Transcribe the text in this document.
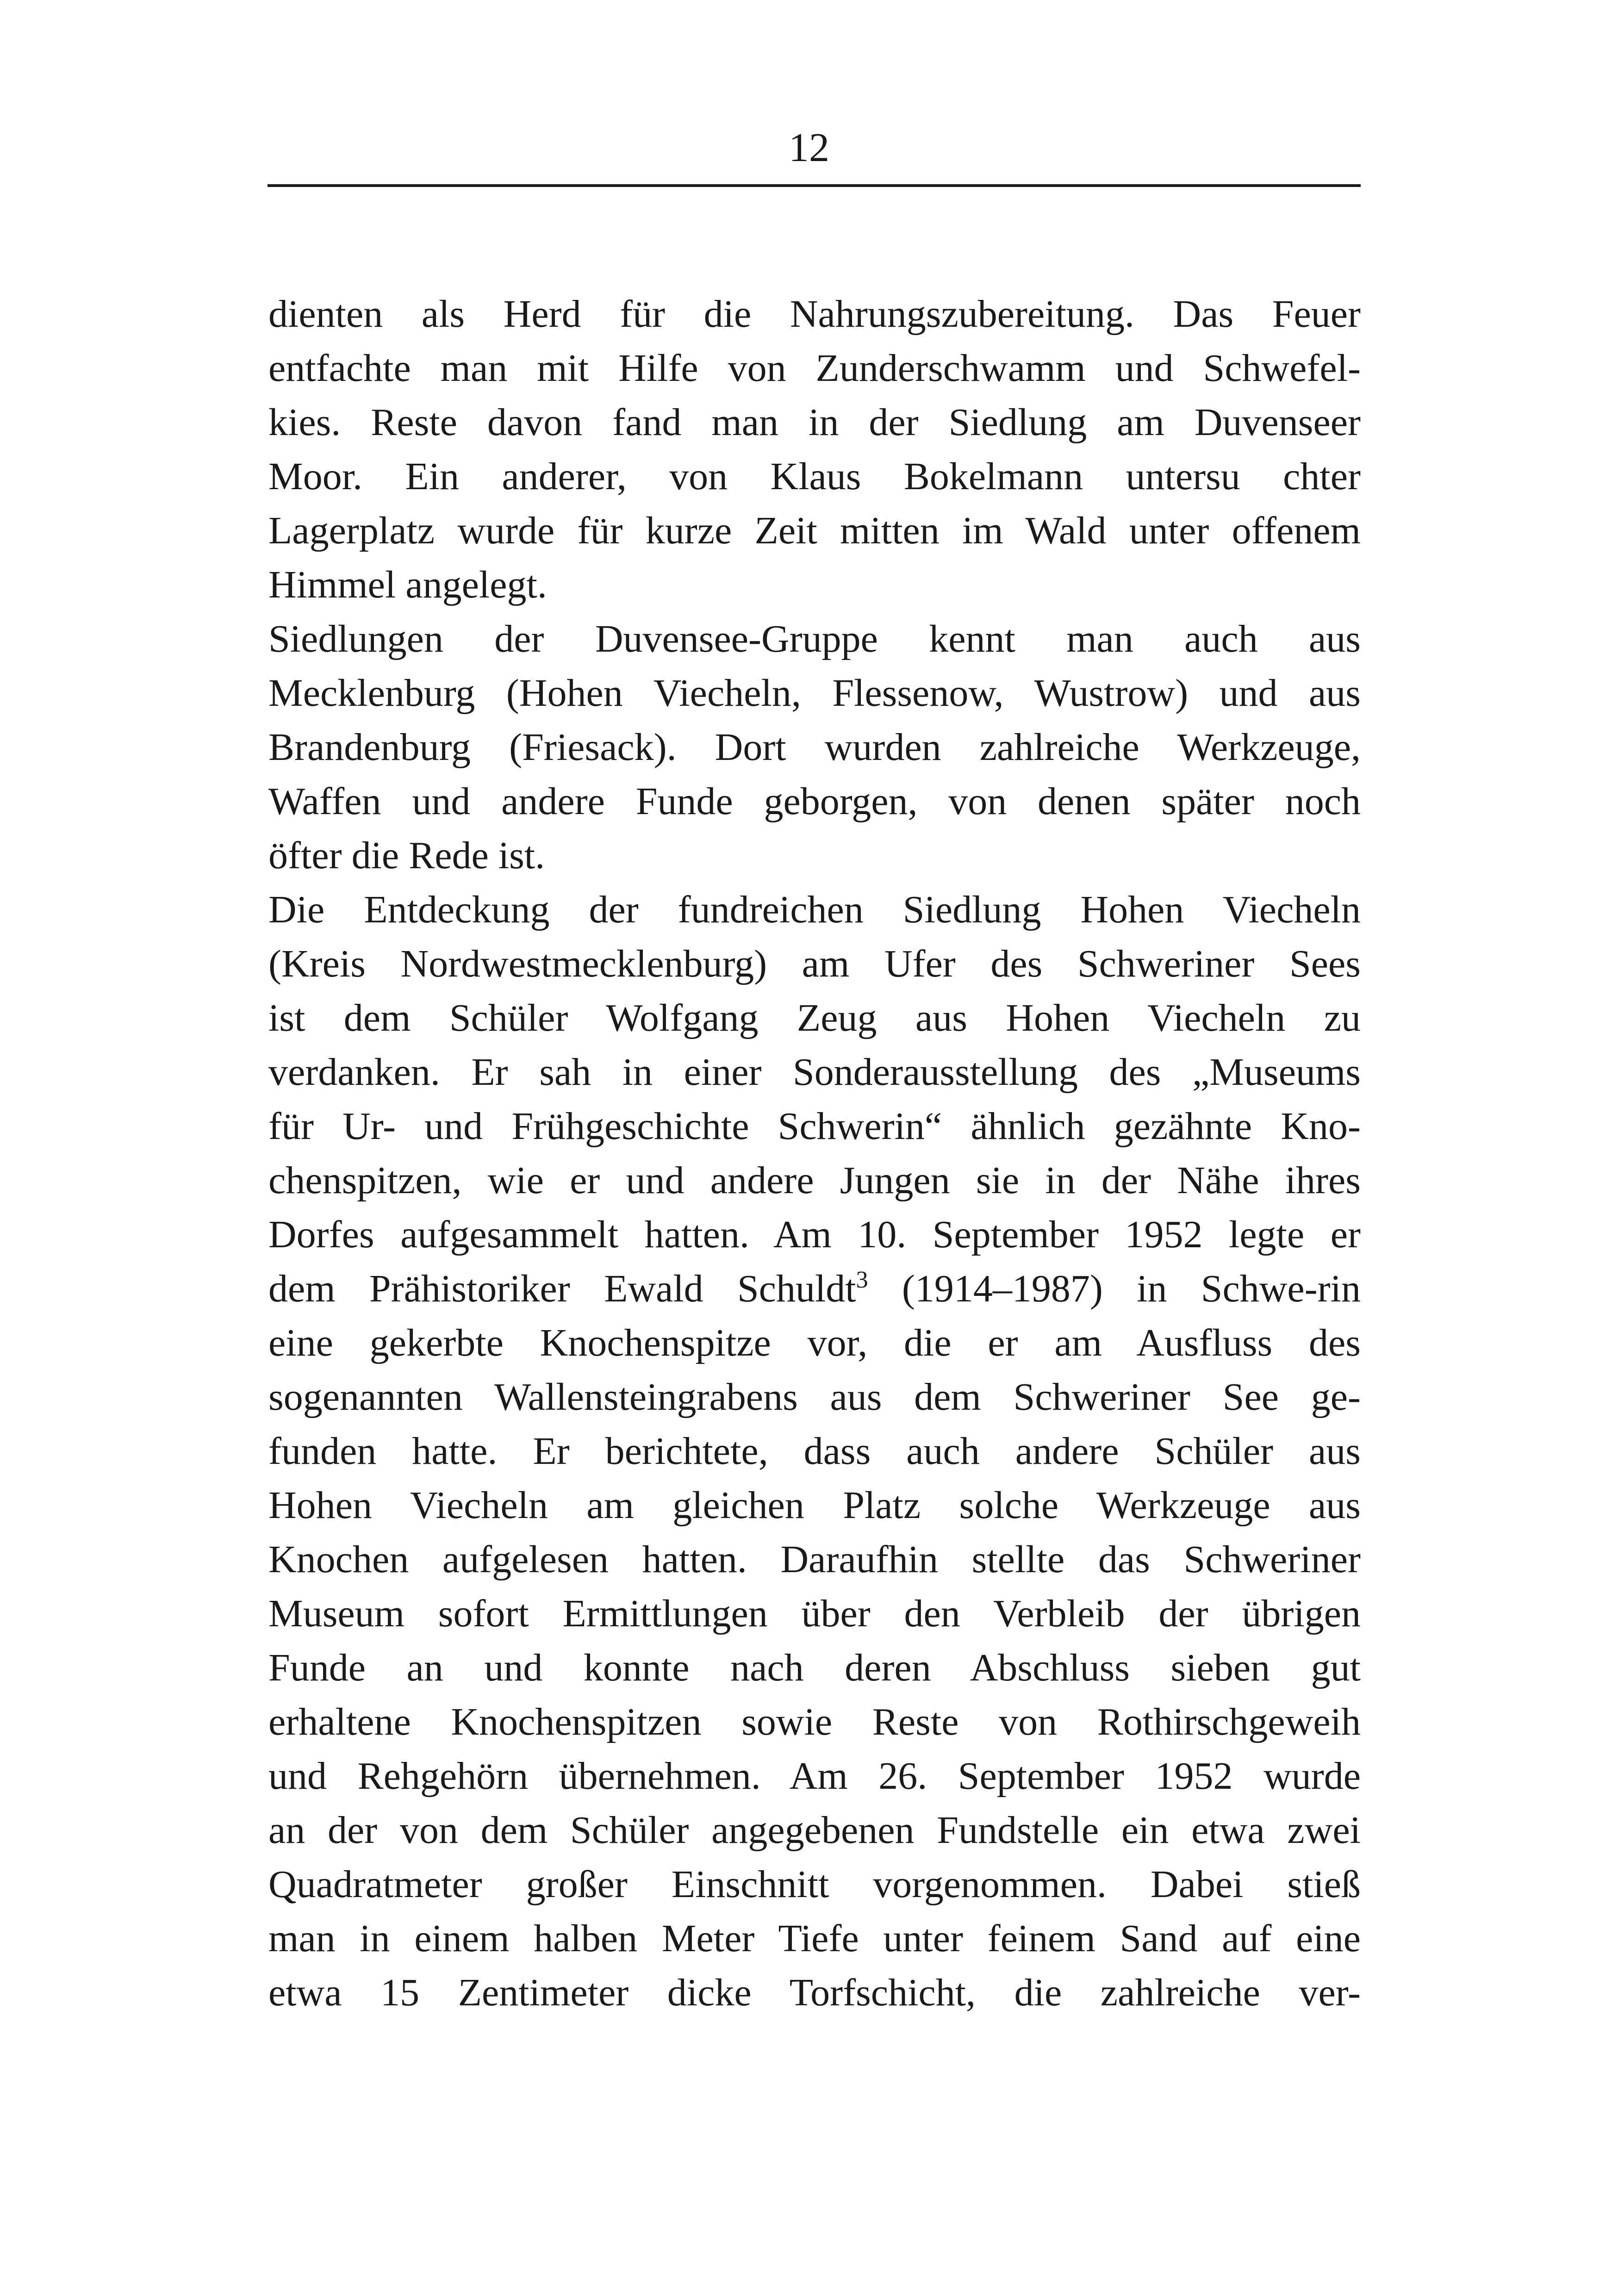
12
dienten als Herd für die Nahrungszubereitung. Das Feuer
entfachte man mit Hilfe von Zunderschwamm und Schwefel-
kies. Reste davon fand man in der Siedlung am Duvenseer
Moor. Ein anderer, von Klaus Bokelmann untersu chter
Lagerplatz wurde für kurze Zeit mitten im Wald unter offenem
Himmel angelegt.
Siedlungen der Duvensee-Gruppe kennt man auch aus
Mecklenburg (Hohen Viecheln, Flessenow, Wustrow) und aus
Brandenburg (Friesack). Dort wurden zahlreiche Werkzeuge,
Waffen und andere Funde geborgen, von denen später noch
öfter die Rede ist.
Die Entdeckung der fundreichen Siedlung Hohen Viecheln
(Kreis Nordwestmecklenburg) am Ufer des Schweriner Sees
ist dem Schüler Wolfgang Zeug aus Hohen Viecheln zu
verdanken. Er sah in einer Sonderausstellung des „Museums
für Ur- und Frühgeschichte Schwerin“ ähnlich gezähnte Kno-
chenspitzen, wie er und andere Jungen sie in der Nähe ihres
Dorfes aufgesammelt hatten. Am 10. September 1952 legte er
dem Prähistoriker Ewald Schuldt$^3$ (1914–1987) in Schwe-rin
eine gekerbte Knochenspitze vor, die er am Ausfluss des
sogenannten Wallensteingrabens aus dem Schweriner See ge-
funden hatte. Er berichtete, dass auch andere Schüler aus
Hohen Viecheln am gleichen Platz solche Werkzeuge aus
Knochen aufgelesen hatten. Daraufhin stellte das Schweriner
Museum sofort Ermittlungen über den Verbleib der übrigen
Funde an und konnte nach deren Abschluss sieben gut
erhaltene Knochenspitzen sowie Reste von Rothirschgeweih
und Rehgehörn übernehmen. Am 26. September 1952 wurde
an der von dem Schüler angegebenen Fundstelle ein etwa zwei
Quadratmeter großer Einschnitt vorgenommen. Dabei stieß
man in einem halben Meter Tiefe unter feinem Sand auf eine
etwa 15 Zentimeter dicke Torfschicht, die zahlreiche ver-
